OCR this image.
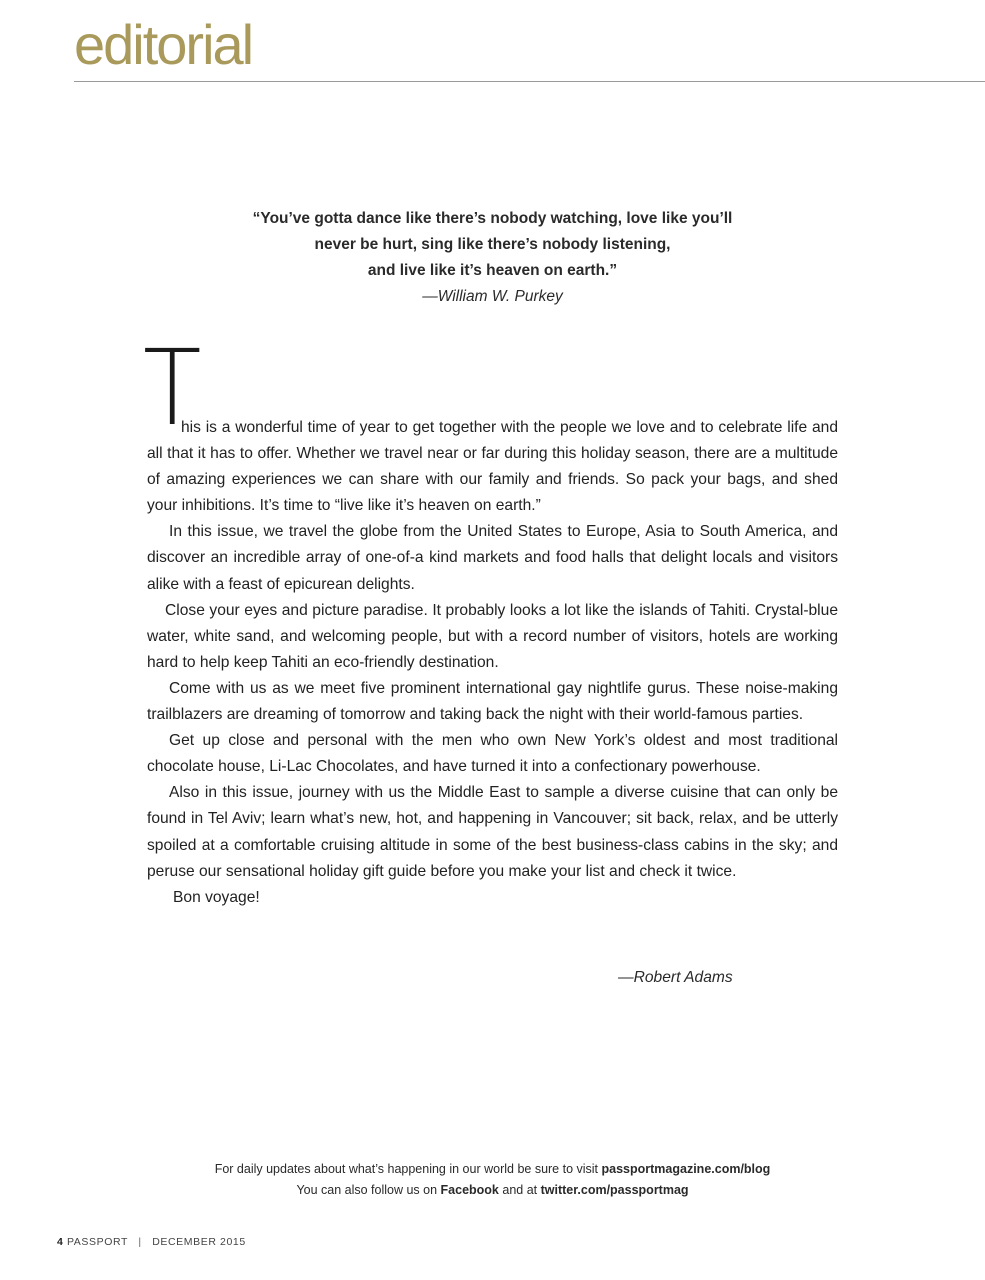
editorial
“You’ve gotta dance like there’s nobody watching, love like you’ll
never be hurt, sing like there’s nobody listening,
and live like it’s heaven on earth.”
—William W. Purkey
T
his is a wonderful time of year to get together with the people we love and to celebrate life and all that it has to offer. Whether we travel near or far during this holiday season, there are a multitude of amazing experiences we can share with our family and friends. So pack your bags, and shed your inhibitions. It’s time to “live like it’s heaven on earth.”
In this issue, we travel the globe from the United States to Europe, Asia to South America, and discover an incredible array of one-of-a kind markets and food halls that delight locals and visitors alike with a feast of epicurean delights.
Close your eyes and picture paradise. It probably looks a lot like the islands of Tahiti. Crystal-blue water, white sand, and welcoming people, but with a record number of visitors, hotels are working hard to help keep Tahiti an eco-friendly destination.
Come with us as we meet five prominent international gay nightlife gurus. These noise-making trailblazers are dreaming of tomorrow and taking back the night with their world-famous parties.
Get up close and personal with the men who own New York’s oldest and most traditional chocolate house, Li-Lac Chocolates, and have turned it into a confectionary powerhouse.
Also in this issue, journey with us the Middle East to sample a diverse cuisine that can only be found in Tel Aviv; learn what’s new, hot, and happening in Vancouver; sit back, relax, and be utterly spoiled at a comfortable cruising altitude in some of the best business-class cabins in the sky; and peruse our sensational holiday gift guide before you make your list and check it twice.
Bon voyage!
—Robert Adams
For daily updates about what’s happening in our world be sure to visit passportmagazine.com/blog
You can also follow us on Facebook and at twitter.com/passportmag
4 PASSPORT | DECEMBER 2015
